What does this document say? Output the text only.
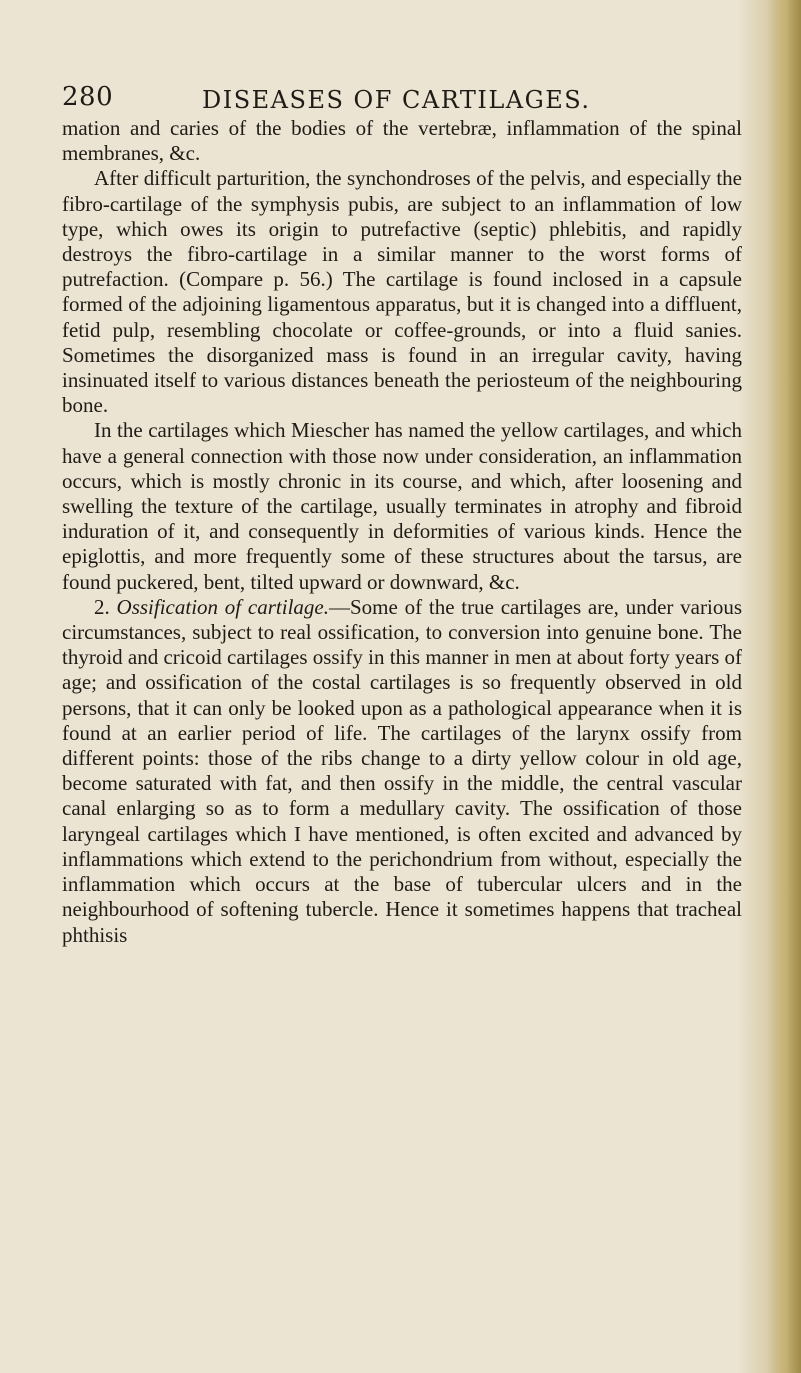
280	DISEASES OF CARTILAGES.

mation and caries of the bodies of the vertebræ, inflammation of the spinal membranes, &c.

After difficult parturition, the synchondroses of the pelvis, and especially the fibro-cartilage of the symphysis pubis, are subject to an inflammation of low type, which owes its origin to putrefactive (septic) phlebitis, and rapidly destroys the fibro-cartilage in a similar manner to the worst forms of putrefaction. (Compare p. 56.) The cartilage is found inclosed in a capsule formed of the adjoining ligamentous apparatus, but it is changed into a diffluent, fetid pulp, resembling chocolate or coffee-grounds, or into a fluid sanies. Sometimes the disorganized mass is found in an irregular cavity, having insinuated itself to various distances beneath the periosteum of the neighbouring bone.

In the cartilages which Miescher has named the yellow cartilages, and which have a general connection with those now under consideration, an inflammation occurs, which is mostly chronic in its course, and which, after loosening and swelling the texture of the cartilage, usually terminates in atrophy and fibroid induration of it, and consequently in deformities of various kinds. Hence the epiglottis, and more frequently some of these structures about the tarsus, are found puckered, bent, tilted upward or downward, &c.

2. Ossification of cartilage.—Some of the true cartilages are, under various circumstances, subject to real ossification, to conversion into genuine bone. The thyroid and cricoid cartilages ossify in this manner in men at about forty years of age; and ossification of the costal cartilages is so frequently observed in old persons, that it can only be looked upon as a pathological appearance when it is found at an earlier period of life. The cartilages of the larynx ossify from different points: those of the ribs change to a dirty yellow colour in old age, become saturated with fat, and then ossify in the middle, the central vascular canal enlarging so as to form a medullary cavity. The ossification of those laryngeal cartilages which I have mentioned, is often excited and advanced by inflammations which extend to the perichondrium from without, especially the inflammation which occurs at the base of tubercular ulcers and in the neighbourhood of softening tubercle. Hence it sometimes happens that tracheal phthisis
